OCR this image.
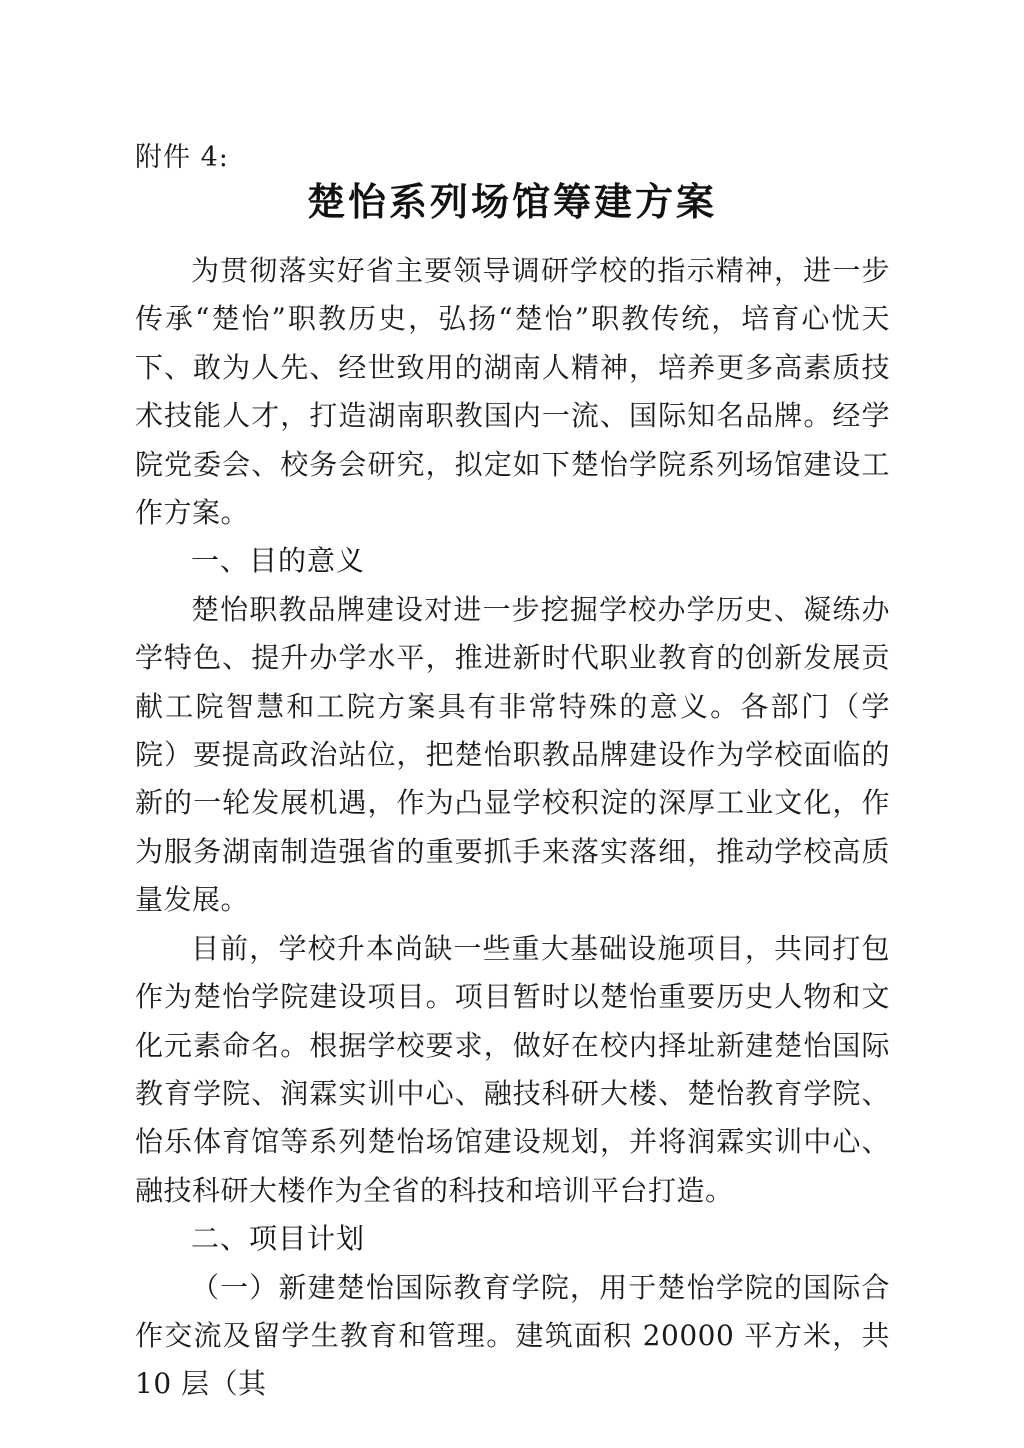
附件 4:
楚怡系列场馆筹建方案

为贯彻落实好省主要领导调研学校的指示精神，进一步传承“楚怡”职教历史，弘扬“楚怡”职教传统，培育心忧天下、敢为人先、经世致用的湖南人精神，培养更多高素质技术技能人才，打造湖南职教国内一流、国际知名品牌。经学院党委会、校务会研究，拟定如下楚怡学院系列场馆建设工作方案。

一、目的意义

楚怡职教品牌建设对进一步挖掘学校办学历史、凝练办学特色、提升办学水平，推进新时代职业教育的创新发展贡献工院智慧和工院方案具有非常特殊的意义。各部门（学院）要提高政治站位，把楚怡职教品牌建设作为学校面临的新的一轮发展机遇，作为凸显学校积淀的深厚工业文化，作为服务湖南制造强省的重要抓手来落实落细，推动学校高质量发展。

目前，学校升本尚缺一些重大基础设施项目，共同打包作为楚怡学院建设项目。项目暂时以楚怡重要历史人物和文化元素命名。根据学校要求，做好在校内择址新建楚怡国际教育学院、润霖实训中心、融技科研大楼、楚怡教育学院、怡乐体育馆等系列楚怡场馆建设规划，并将润霖实训中心、融技科研大楼作为全省的科技和培训平台打造。

二、项目计划

（一）新建楚怡国际教育学院，用于楚怡学院的国际合作交流及留学生教育和管理。建筑面积 20000 平方米，共 10 层（其
